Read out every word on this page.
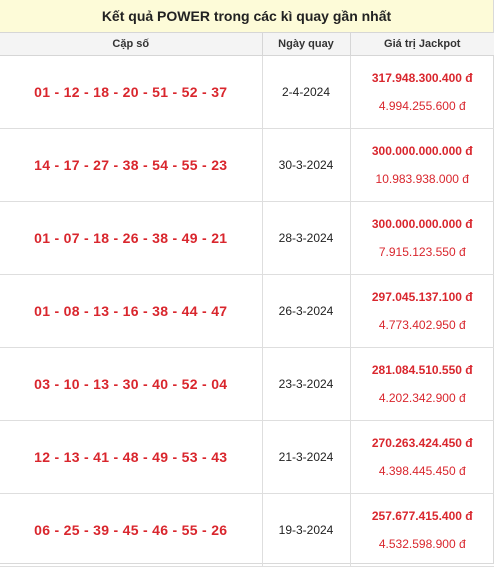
Kết quả POWER trong các kì quay gần nhất
Cặp số	Ngày quay	Giá trị Jackpot
01 - 12 - 18 - 20 - 51 - 52 - 37	2-4-2024	317.948.300.400 đ
4.994.255.600 đ

14 - 17 - 27 - 38 - 54 - 55 - 23	30-3-2024	300.000.000.000 đ
10.983.938.000 đ

01 - 07 - 18 - 26 - 38 - 49 - 21	28-3-2024	300.000.000.000 đ
7.915.123.550 đ

01 - 08 - 13 - 16 - 38 - 44 - 47	26-3-2024	297.045.137.100 đ
4.773.402.950 đ

03 - 10 - 13 - 30 - 40 - 52 - 04	23-3-2024	281.084.510.550 đ
4.202.342.900 đ

12 - 13 - 41 - 48 - 49 - 53 - 43	21-3-2024	270.263.424.450 đ
4.398.445.450 đ

06 - 25 - 39 - 45 - 46 - 55 - 26	19-3-2024	257.677.415.400 đ
4.532.598.900 đ
